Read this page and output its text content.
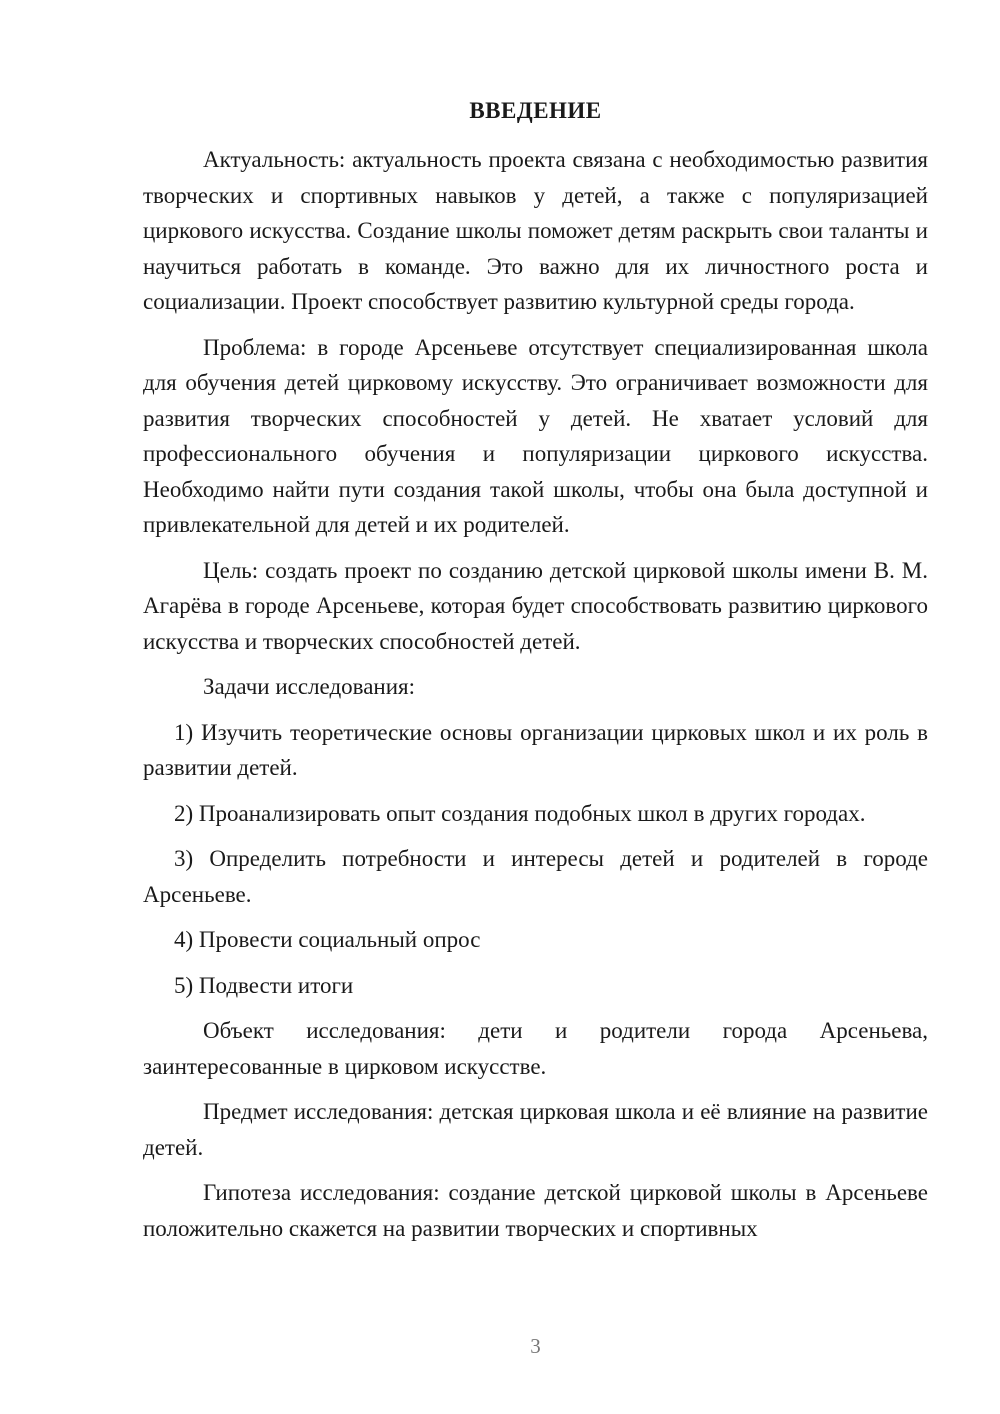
ВВЕДЕНИЕ

Актуальность: актуальность проекта связана с необходимостью развития творческих и спортивных навыков у детей, а также с популяризацией циркового искусства. Создание школы поможет детям раскрыть свои таланты и научиться работать в команде. Это важно для их личностного роста и социализации. Проект способствует развитию культурной среды города.

Проблема: в городе Арсеньеве отсутствует специализированная школа для обучения детей цирковому искусству. Это ограничивает возможности для развития творческих способностей у детей. Не хватает условий для профессионального обучения и популяризации циркового искусства. Необходимо найти пути создания такой школы, чтобы она была доступной и привлекательной для детей и их родителей.

Цель: создать проект по созданию детской цирковой школы имени В. М. Агарёва в городе Арсеньеве, которая будет способствовать развитию циркового искусства и творческих способностей детей.

Задачи исследования:

1) Изучить теоретические основы организации цирковых школ и их роль в развитии детей.

2) Проанализировать опыт создания подобных школ в других городах.

3) Определить потребности и интересы детей и родителей в городе Арсеньеве.

4) Провести социальный опрос

5) Подвести итоги

Объект исследования: дети и родители города Арсеньева, заинтересованные в цирковом искусстве.

Предмет исследования: детская цирковая школа и её влияние на развитие детей.

Гипотеза исследования: создание детской цирковой школы в Арсеньеве положительно скажется на развитии творческих и спортивных

3
